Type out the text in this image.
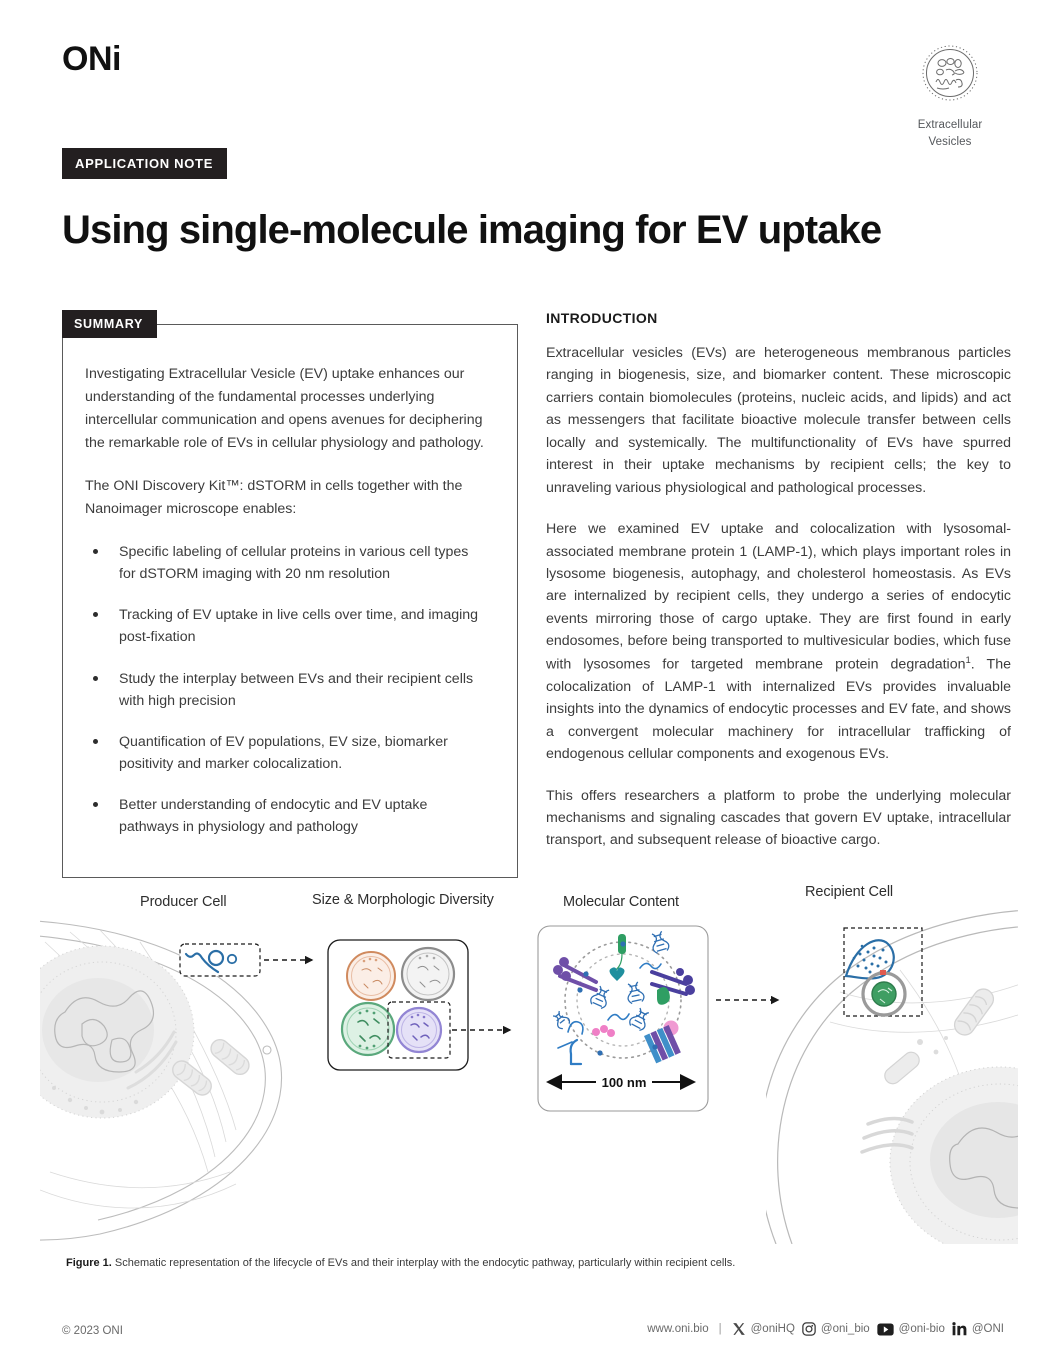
ONi
Extracellular
Vesicles
APPLICATION NOTE
Using single-molecule imaging for EV uptake
SUMMARY

Investigating Extracellular Vesicle (EV) uptake enhances our understanding of the fundamental processes underlying intercellular communication and opens avenues for deciphering the remarkable role of EVs in cellular physiology and pathology.

The ONI Discovery Kit™: dSTORM in cells together with the Nanoimager microscope enables:

Specific labeling of cellular proteins in various cell types for dSTORM imaging with 20 nm resolution
Tracking of EV uptake in live cells over time, and imaging post-fixation
Study the interplay between EVs and their recipient cells with high precision
Quantification of EV populations, EV size, biomarker positivity and marker colocalization.
Better understanding of endocytic and EV uptake pathways in physiology and pathology
INTRODUCTION

Extracellular vesicles (EVs) are heterogeneous membranous particles ranging in biogenesis, size, and biomarker content. These microscopic carriers contain biomolecules (proteins, nucleic acids, and lipids) and act as messengers that facilitate bioactive molecule transfer between cells locally and systemically. The multifunctionality of EVs have spurred interest in their uptake mechanisms by recipient cells; the key to unraveling various physiological and pathological processes.

Here we examined EV uptake and colocalization with lysosomal-associated membrane protein 1 (LAMP-1), which plays important roles in lysosome biogenesis, autophagy, and cholesterol homeostasis. As EVs are internalized by recipient cells, they undergo a series of endocytic events mirroring those of cargo uptake. They are first found in early endosomes, before being transported to multivesicular bodies, which fuse with lysosomes for targeted membrane protein degradation$^1$. The colocalization of LAMP-1 with internalized EVs provides invaluable insights into the dynamics of endocytic processes and EV fate, and shows a convergent molecular machinery for intracellular trafficking of endogenous cellular components and exogenous EVs.

This offers researchers a platform to probe the underlying molecular mechanisms and signaling cascades that govern EV uptake, intracellular transport, and subsequent release of bioactive cargo.

Producer Cell	Size & Morphologic Diversity	Molecular Content
Recipient Cell
100 nm
Figure 1. Schematic representation of the lifecycle of EVs and their interplay with the endocytic pathway, particularly within recipient cells.
© 2023 ONI	www.oni.bio |	@oniHQ @oni_bio	@oni-bio @ONI
